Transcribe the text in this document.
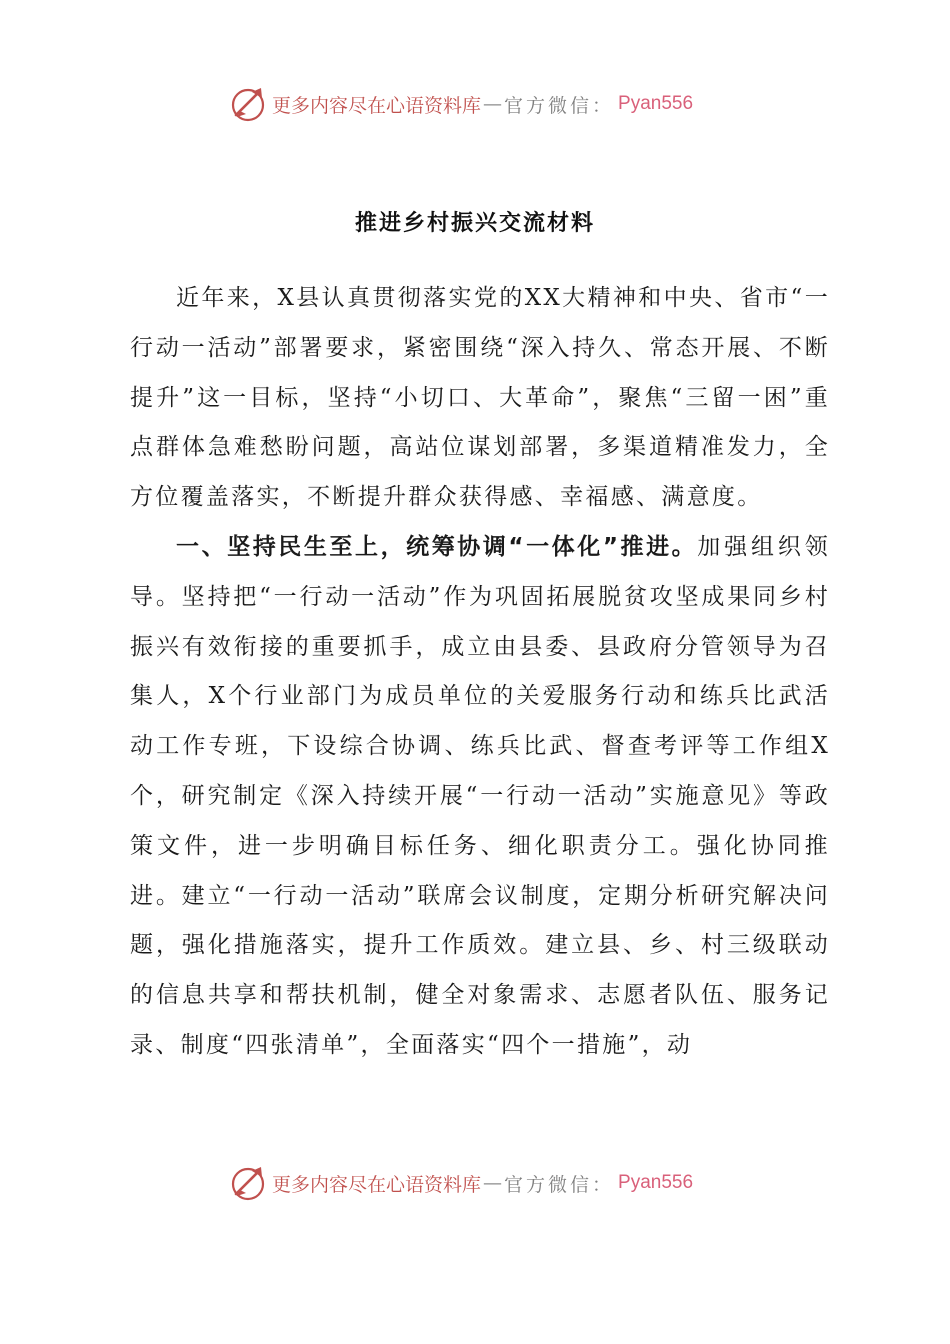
更多内容尽在心语资料库 — 官方微信： Pyan556
推进乡村振兴交流材料

近年来，X县认真贯彻落实党的XX大精神和中央、省市“一行动一活动”部署要求，紧密围绕“深入持久、常态开展、不断提升”这一目标，坚持“小切口、大革命”，聚焦“三留一困”重点群体急难愁盼问题，高站位谋划部署，多渠道精准发力，全方位覆盖落实，不断提升群众获得感、幸福感、满意度。

一、坚持民生至上，统筹协调“一体化”推进。加强组织领导。坚持把“一行动一活动”作为巩固拓展脱贫攻坚成果同乡村振兴有效衔接的重要抓手，成立由县委、县政府分管领导为召集人，X个行业部门为成员单位的关爱服务行动和练兵比武活动工作专班，下设综合协调、练兵比武、督查考评等工作组X个，研究制定《深入持续开展“一行动一活动”实施意见》等政策文件，进一步明确目标任务、细化职责分工。强化协同推进。建立“一行动一活动”联席会议制度，定期分析研究解决问题，强化措施落实，提升工作质效。建立县、乡、村三级联动的信息共享和帮扶机制，健全对象需求、志愿者队伍、服务记录、制度“四张清单”，全面落实“四个一措施”，动

更多内容尽在心语资料库 — 官方微信： Pyan556
